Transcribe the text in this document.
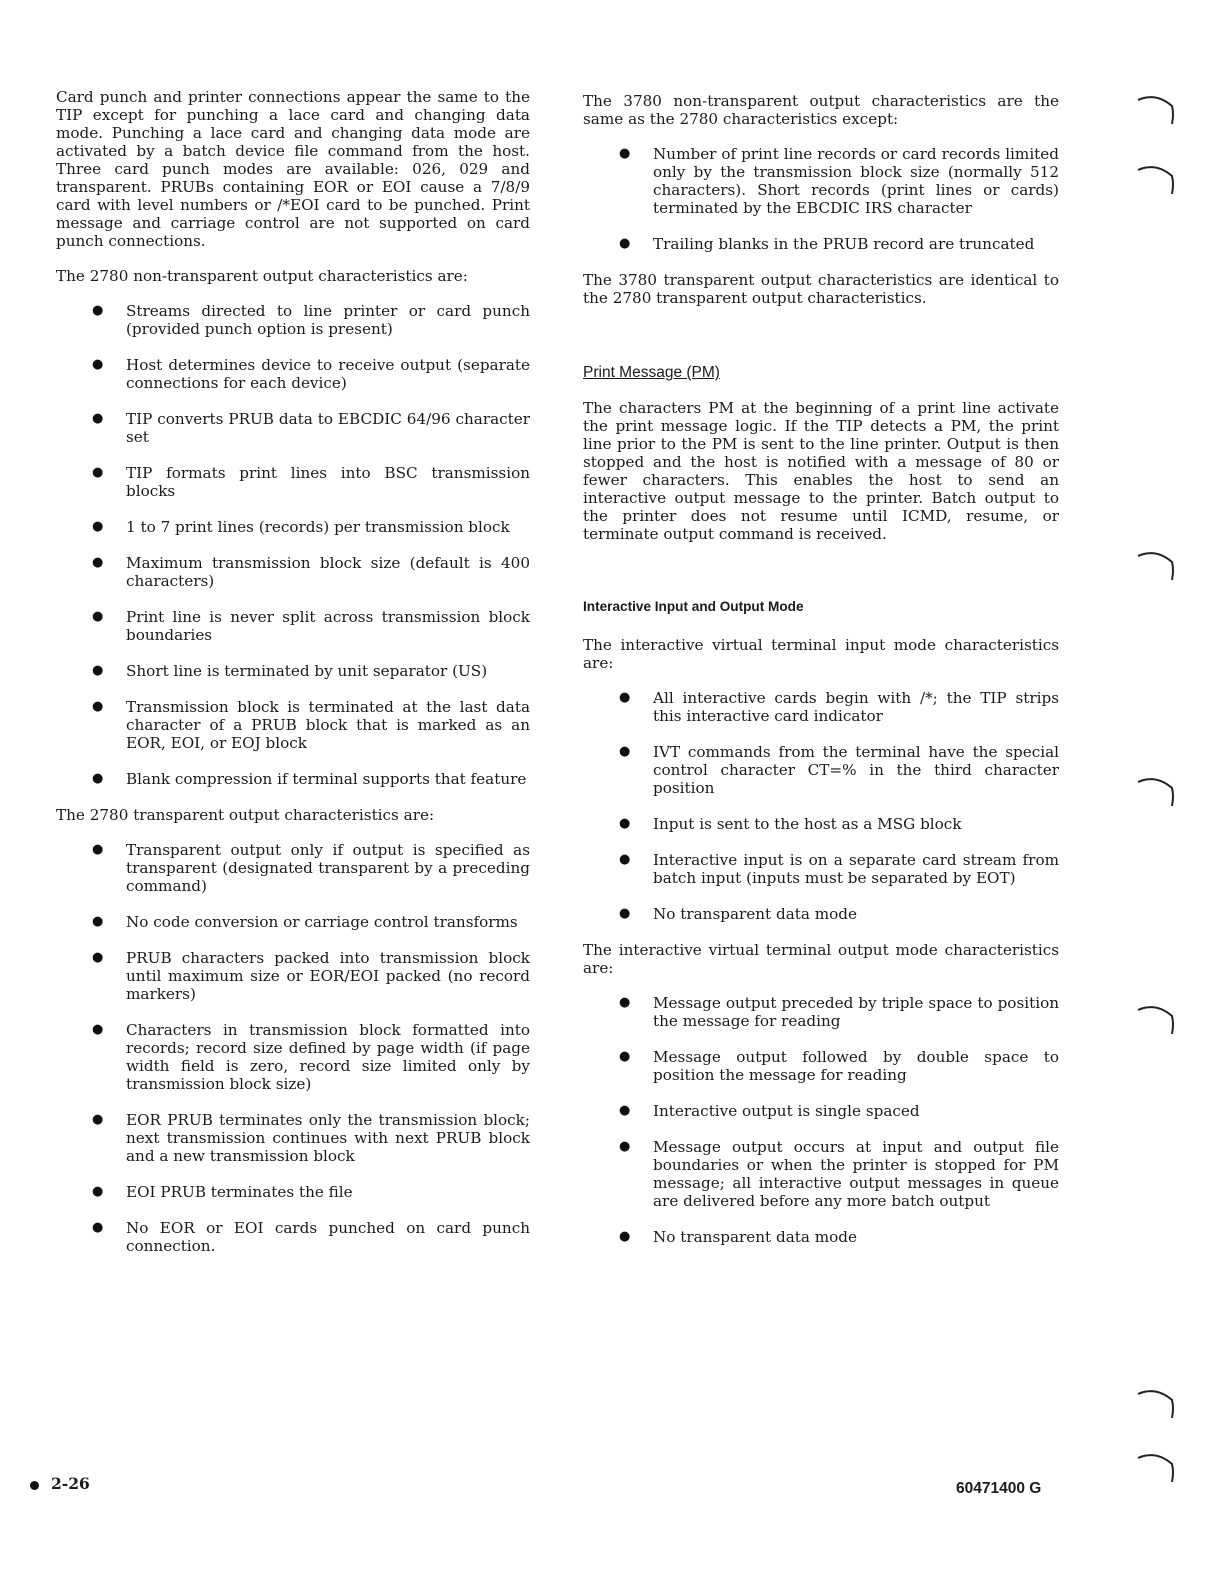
Card punch and printer connections appear the same to the TIP except for punching a lace card and changing data mode. Punching a lace card and changing data mode are activated by a batch device file command from the host. Three card punch modes are available: 026, 029 and transparent. PRUBs containing EOR or EOI cause a 7/8/9 card with level numbers or /*EOI card to be punched. Print message and carriage control are not supported on card punch connections.

The 2780 non-transparent output characteristics are:

● Streams directed to line printer or card punch (provided punch option is present)
● Host determines device to receive output (separate connections for each device)
● TIP converts PRUB data to EBCDIC 64/96 character set
● TIP formats print lines into BSC transmission blocks
● 1 to 7 print lines (records) per transmission block
● Maximum transmission block size (default is 400 characters)
● Print line is never split across transmission block boundaries
● Short line is terminated by unit separator (US)
● Transmission block is terminated at the last data character of a PRUB block that is marked as an EOR, EOI, or EOJ block
● Blank compression if terminal supports that feature

The 2780 transparent output characteristics are:

● Transparent output only if output is specified as transparent (designated transparent by a preceding command)
● No code conversion or carriage control transforms
● PRUB characters packed into transmission block until maximum size or EOR/EOI packed (no record markers)
● Characters in transmission block formatted into records; record size defined by page width (if page width field is zero, record size limited only by transmission block size)
● EOR PRUB terminates only the transmission block; next transmission continues with next PRUB block and a new transmission block
● EOI PRUB terminates the file
● No EOR or EOI cards punched on card punch connection.

The 3780 non-transparent output characteristics are the same as the 2780 characteristics except:

● Number of print line records or card records limited only by the transmission block size (normally 512 characters). Short records (print lines or cards) terminated by the EBCDIC IRS character
● Trailing blanks in the PRUB record are truncated

The 3780 transparent output characteristics are identical to the 2780 transparent output characteristics.

Print Message (PM)

The characters PM at the beginning of a print line activate the print message logic. If the TIP detects a PM, the print line prior to the PM is sent to the line printer. Output is then stopped and the host is notified with a message of 80 or fewer characters. This enables the host to send an interactive output message to the printer. Batch output to the printer does not resume until ICMD, resume, or terminate output command is received.

Interactive Input and Output Mode

The interactive virtual terminal input mode characteristics are:

● All interactive cards begin with /*; the TIP strips this interactive card indicator
● IVT commands from the terminal have the special control character CT=% in the third character position
● Input is sent to the host as a MSG block
● Interactive input is on a separate card stream from batch input (inputs must be separated by EOT)
● No transparent data mode

The interactive virtual terminal output mode characteristics are:

● Message output preceded by triple space to position the message for reading
● Message output followed by double space to position the message for reading
● Interactive output is single spaced
● Message output occurs at input and output file boundaries or when the printer is stopped for PM message; all interactive output messages in queue are delivered before any more batch output
● No transparent data mode
2-26	60471400 G
